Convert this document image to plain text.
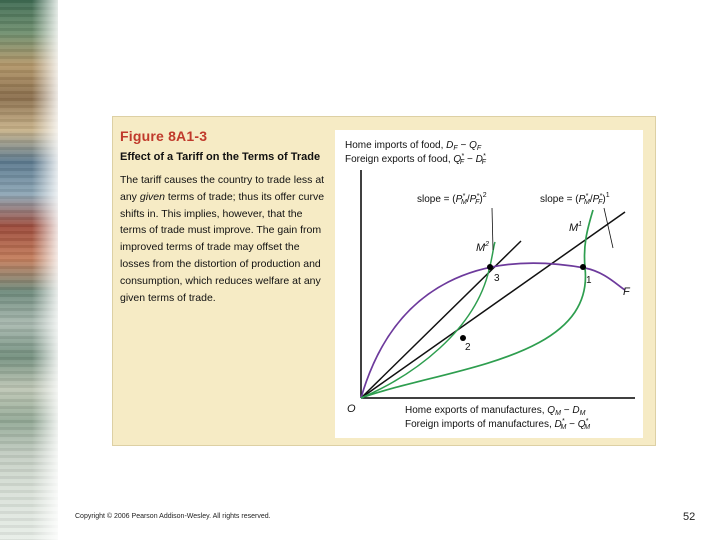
Figure 8A1-3

Effect of a Tariff on the Terms of Trade

The tariff causes the country to trade less at any given terms of trade; thus its offer curve shifts in. This implies, however, that the terms of trade must improve. The gain from improved terms of trade may offset the losses from the distortion of production and consumption, which reduces welfare at any given terms of trade.

Home imports of food, $D_F - Q_F$
Foreign exports of food, Q* F − D* F
1
2
3
$M^1$
$M^2$
F
slope = (P* M/P* F)$^2$	slope = (P* M/P* F)$^1$
O	Home exports of manufactures, $Q_M - D_M$
Foreign imports of manufactures, D* M − Q* M

Copyright © 2006 Pearson Addison-Wesley. All rights reserved.	52
